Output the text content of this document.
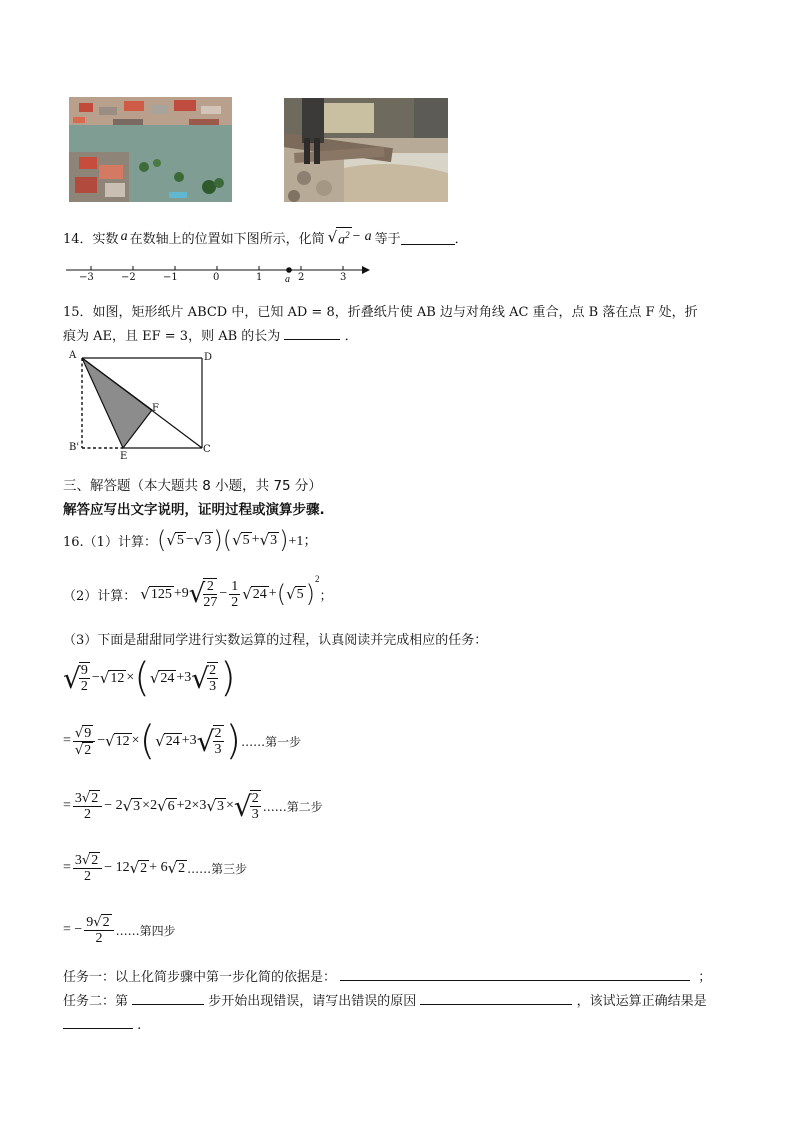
14． 实数 a 在数轴上的位置如下图所示，化简 √ $a^2 - a$ 等于	．
−3	−2	−1	0	1	2	3
a
15．如图，矩形纸片 ABCD 中，已知 AD = 8，折叠纸片使 AB 边与对角线 AC 重合，点 B 落在点 F 处，折
痕为 AE，且 EF = 3，则 AB 的长为	．
A	D
B'	C
E
F
三、解答题（本大题共 8 小题，共 75 分）
解答应写出文字说明，证明过程或演算步骤.
16.（1）计算： ( √ 5 − √ 3 ) ( √ 5 + √ 3 ) +1；
（2）计算： √ 125 +9 √
$\frac{2}{27} - \frac{1}{2}$ √ 24 + ( √ 5 )
$^2$
；
（3）下面是甜甜同学进行实数运算的过程，认真阅读并完成相应的任务：
√
$\frac{9}{2}$ − √ 12 × ( √ 24 +3 √
$\frac{2}{3}$ )
= $\frac{√9}{√2}$ − √ 12 × ( √ 24 +3 √
$\frac{2}{3}$ ) ……第一步
= $\frac{3√2}{2} - 2$ √ 3 ×2 √ 6 +2×3 √ 3 × √
$\frac{2}{3}$ ……第二步
= $\frac{3√2}{2} - 12$ √ 2 + 6 √ 2 ……第三步
= − $\frac{9√2}{2}$ ……第四步
任务一：以上化简步骤中第一步化简的依据是：	；
任务二：第	步开始出现错误，请写出错误的原因	，该试运算正确结果是
.
